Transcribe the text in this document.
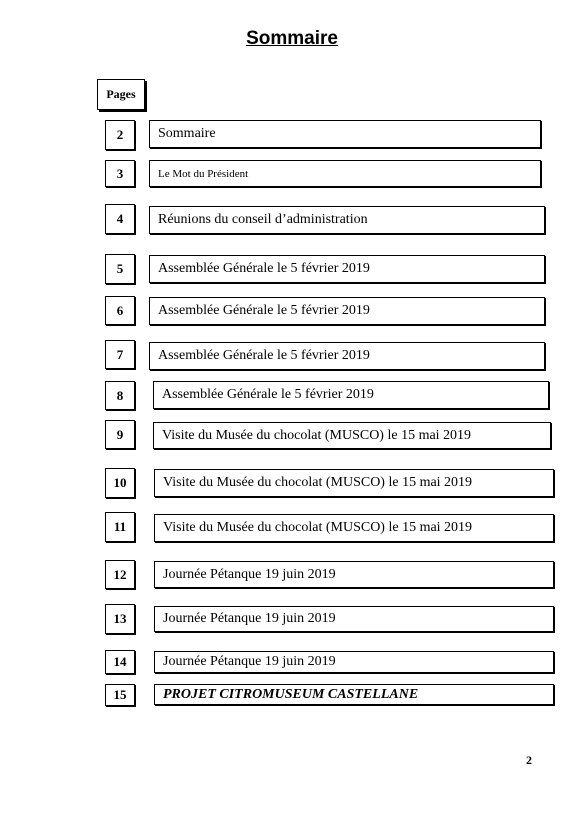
Sommaire
Pages
2	Sommaire
3	Le Mot du Président
4	Réunions du conseil d’administration
5	Assemblée Générale le 5 février 2019
6	Assemblée Générale le 5 février 2019
7	Assemblée Générale le 5 février 2019
8	Assemblée Générale le 5 février 2019
9	Visite du Musée du chocolat (MUSCO) le 15 mai 2019
10	Visite du Musée du chocolat (MUSCO) le 15 mai 2019
11	Visite du Musée du chocolat (MUSCO) le 15 mai 2019
12	Journée Pétanque 19 juin 2019
13	Journée Pétanque 19 juin 2019
14	Journée Pétanque 19 juin 2019
15	PROJET CITROMUSEUM CASTELLANE
2
